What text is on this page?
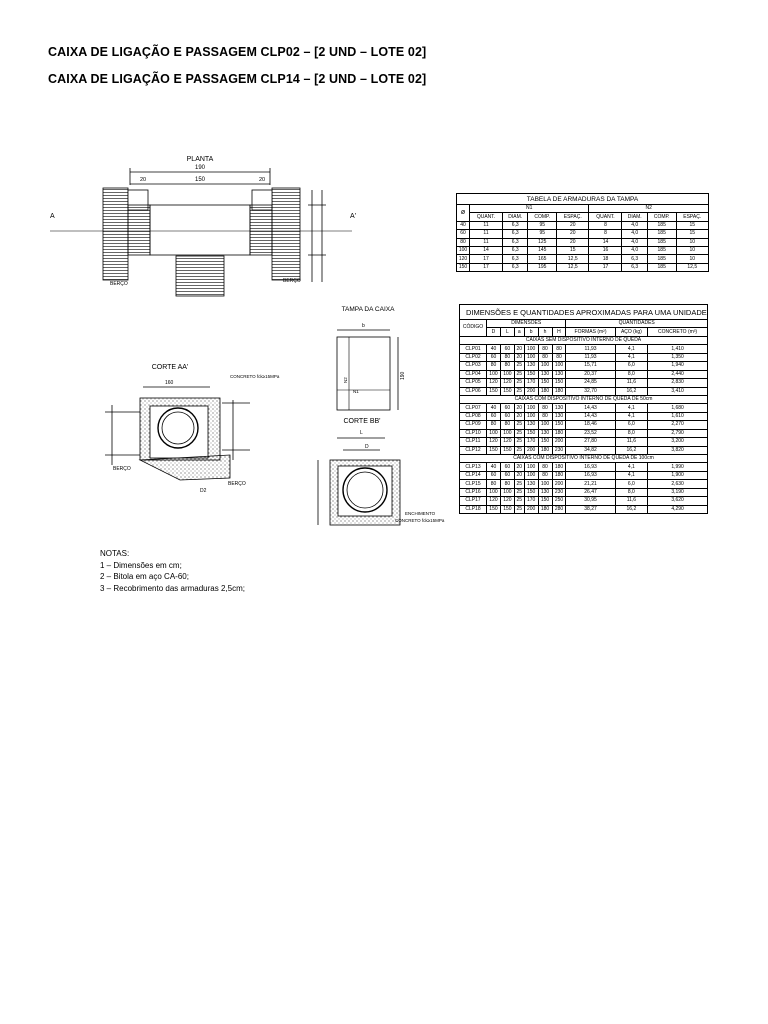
CAIXA DE LIGAÇÃO E PASSAGEM CLP02 – [2 UND – LOTE 02]
CAIXA DE LIGAÇÃO E PASSAGEM CLP14 – [2 UND – LOTE 02]
PLANTA
190
20	150	20
A	A'
BERÇO	BERÇO
CORTE AA'
CONCRETO fck≥15MPa
160
D2
BERÇO
BERÇO
TAMPA DA CAIXA
b
N2
N1
190
CORTE BB'
L
D
ENCHIMENTO
CONCRETO fck≥15MPa
TABELA DE ARMADURAS DA TAMPA								
ø	N1				N2			
	QUANT.	DIAM.	COMP.	ESPAÇ.	QUANT.	DIAM.	COMP.	ESPAÇ.
40	11	6,3	95	20	8	4,0	185	15
60	11	6,3	95	20	8	4,0	185	15
80	11	6,3	125	20	14	4,0	185	10
100	14	6,3	145	15	16	4,0	185	10
120	17	6,3	165	12,5	18	6,3	185	10
150	17	6,3	195	12,5	17	6,3	185	12,5
DIMENSÕES E QUANTIDADES APROXIMADAS PARA UMA UNIDADE									
CÓDIGO	DIMENSÕES						QUANTIDADES		
	D	L	a	b	h	H	FORMAS (m²)	AÇO (kg)	CONCRETO (m³)
CAIXAS SEM DISPOSITIVO INTERNO DE QUEDA									
CLP01	40	60	20	100	80	80	11,93	4,1	1,410
CLP02	60	80	20	100	80	80	11,93	4,1	1,350
CLP03	80	80	25	130	100	100	15,71	6,0	1,940
CLP04	100	100	25	150	130	130	20,37	8,0	2,440
CLP05	120	120	25	170	150	150	24,85	11,6	2,830
CLP06	150	150	25	200	180	180	32,70	16,2	3,410
CAIXAS COM DISPOSITIVO INTERNO DE QUEDA DE 50cm									
CLP07	40	60	20	100	80	130	14,43	4,1	1,680
CLP08	60	60	20	100	80	130	14,43	4,1	1,610
CLP09	80	80	25	130	100	150	18,46	6,0	2,270
CLP10	100	100	25	150	130	180	23,52	8,0	2,790
CLP11	120	120	25	170	150	200	27,80	11,6	3,200
CLP12	150	150	25	200	180	230	34,82	16,2	3,820
CAIXAS COM DISPOSITIVO INTERNO DE QUEDA DE 100cm									
CLP13	40	60	20	100	80	180	16,93	4,1	1,990
CLP14	60	60	20	100	80	180	16,93	4,1	1,900
CLP15	80	80	25	130	100	200	21,21	6,0	2,630
CLP16	100	100	25	150	130	230	26,47	8,0	3,190
CLP17	120	120	25	170	150	250	30,95	11,6	3,620
CLP18	150	150	25	200	180	280	38,27	16,2	4,290
NOTAS:
1 – Dimensões em cm;
2 – Bitola em aço CA-60;
3 – Recobrimento das armaduras 2,5cm;
